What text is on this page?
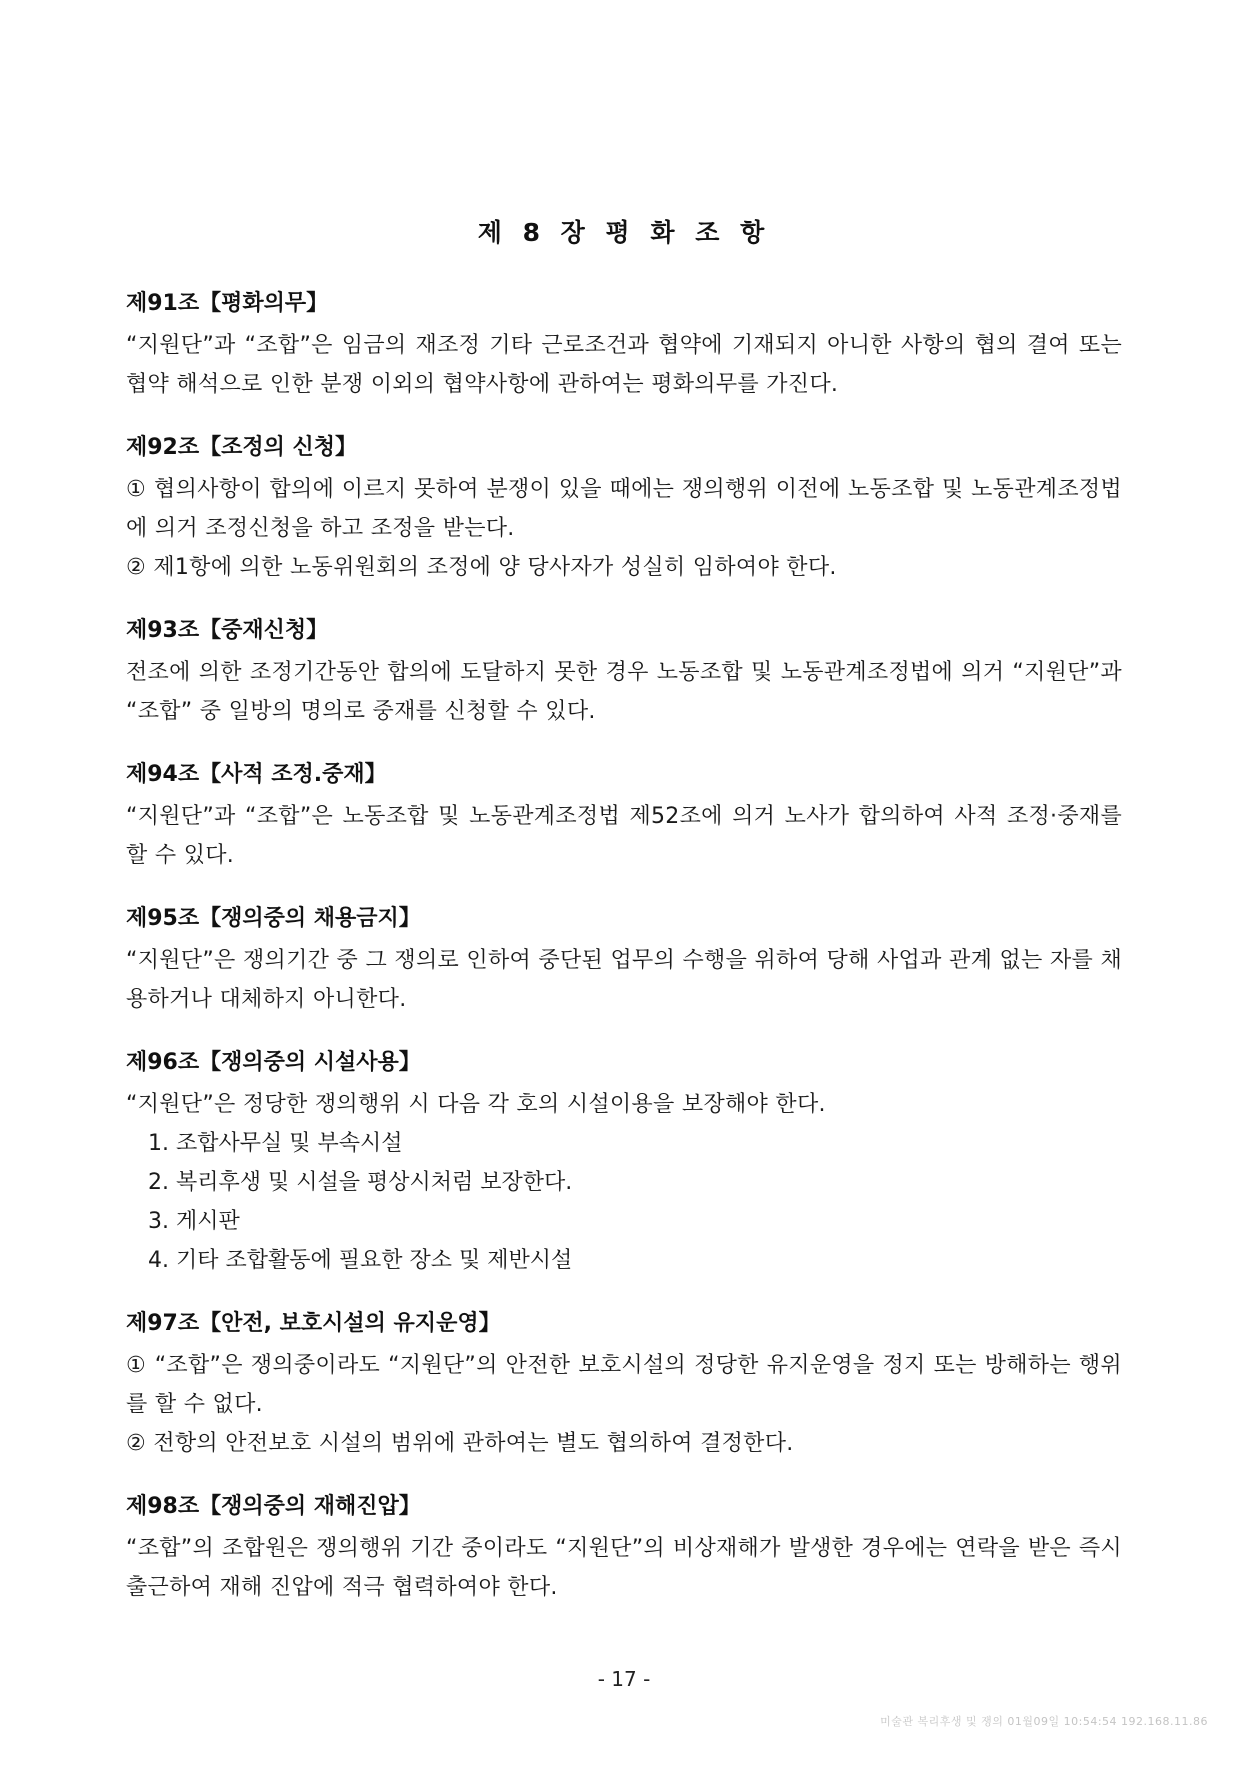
제 8 장 평 화 조 항
제91조【평화의무】

“지원단”과 “조합”은 임금의 재조정 기타 근로조건과 협약에 기재되지 아니한 사항의 협의 결여 또는 협약 해석으로 인한 분쟁 이외의 협약사항에 관하여는 평화의무를 가진다.

제92조【조정의 신청】

① 협의사항이 합의에 이르지 못하여 분쟁이 있을 때에는 쟁의행위 이전에 노동조합 및 노동관계조정법에 의거 조정신청을 하고 조정을 받는다.

② 제1항에 의한 노동위원회의 조정에 양 당사자가 성실히 임하여야 한다.

제93조【중재신청】

전조에 의한 조정기간동안 합의에 도달하지 못한 경우 노동조합 및 노동관계조정법에 의거 “지원단”과 “조합” 중 일방의 명의로 중재를 신청할 수 있다.

제94조【사적 조정.중재】

“지원단”과 “조합”은 노동조합 및 노동관계조정법 제52조에 의거 노사가 합의하여 사적 조정·중재를 할 수 있다.

제95조【쟁의중의 채용금지】

“지원단”은 쟁의기간 중 그 쟁의로 인하여 중단된 업무의 수행을 위하여 당해 사업과 관계 없는 자를 채용하거나 대체하지 아니한다.

제96조【쟁의중의 시설사용】

“지원단”은 정당한 쟁의행위 시 다음 각 호의 시설이용을 보장해야 한다.

1. 조합사무실 및 부속시설
2. 복리후생 및 시설을 평상시처럼 보장한다.
3. 게시판
4. 기타 조합활동에 필요한 장소 및 제반시설
제97조【안전, 보호시설의 유지운영】

① “조합”은 쟁의중이라도 “지원단”의 안전한 보호시설의 정당한 유지운영을 정지 또는 방해하는 행위를 할 수 없다.

② 전항의 안전보호 시설의 범위에 관하여는 별도 협의하여 결정한다.

제98조【쟁의중의 재해진압】

“조합”의 조합원은 쟁의행위 기간 중이라도 “지원단”의 비상재해가 발생한 경우에는 연락을 받은 즉시 출근하여 재해 진압에 적극 협력하여야 한다.

- 17 -
미술관 복리후생 및 쟁의 01월09일 10:54:54 192.168.11.86
